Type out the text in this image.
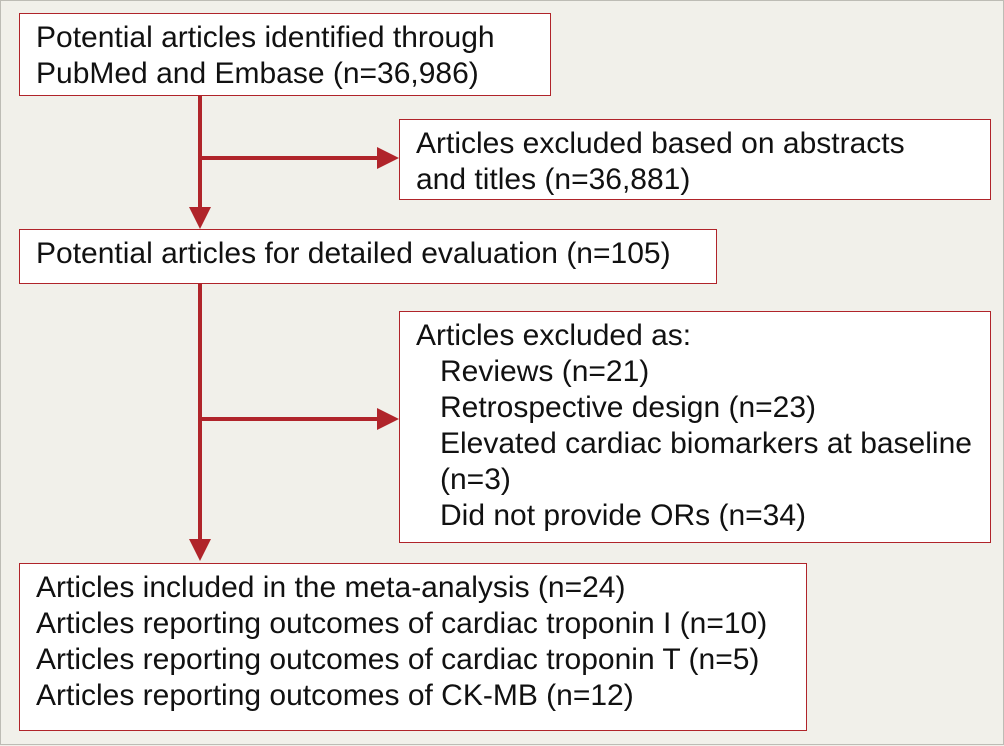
Potential articles identified through
PubMed and Embase (n=36,986)
Articles excluded based on abstracts
and titles (n=36,881)
Potential articles for detailed evaluation (n=105)
Articles excluded as:
Reviews (n=21)
Retrospective design (n=23)
Elevated cardiac biomarkers at baseline
(n=3)
Did not provide ORs (n=34)
Articles included in the meta-analysis (n=24)
Articles reporting outcomes of cardiac troponin I (n=10)
Articles reporting outcomes of cardiac troponin T (n=5)
Articles reporting outcomes of CK-MB (n=12)
